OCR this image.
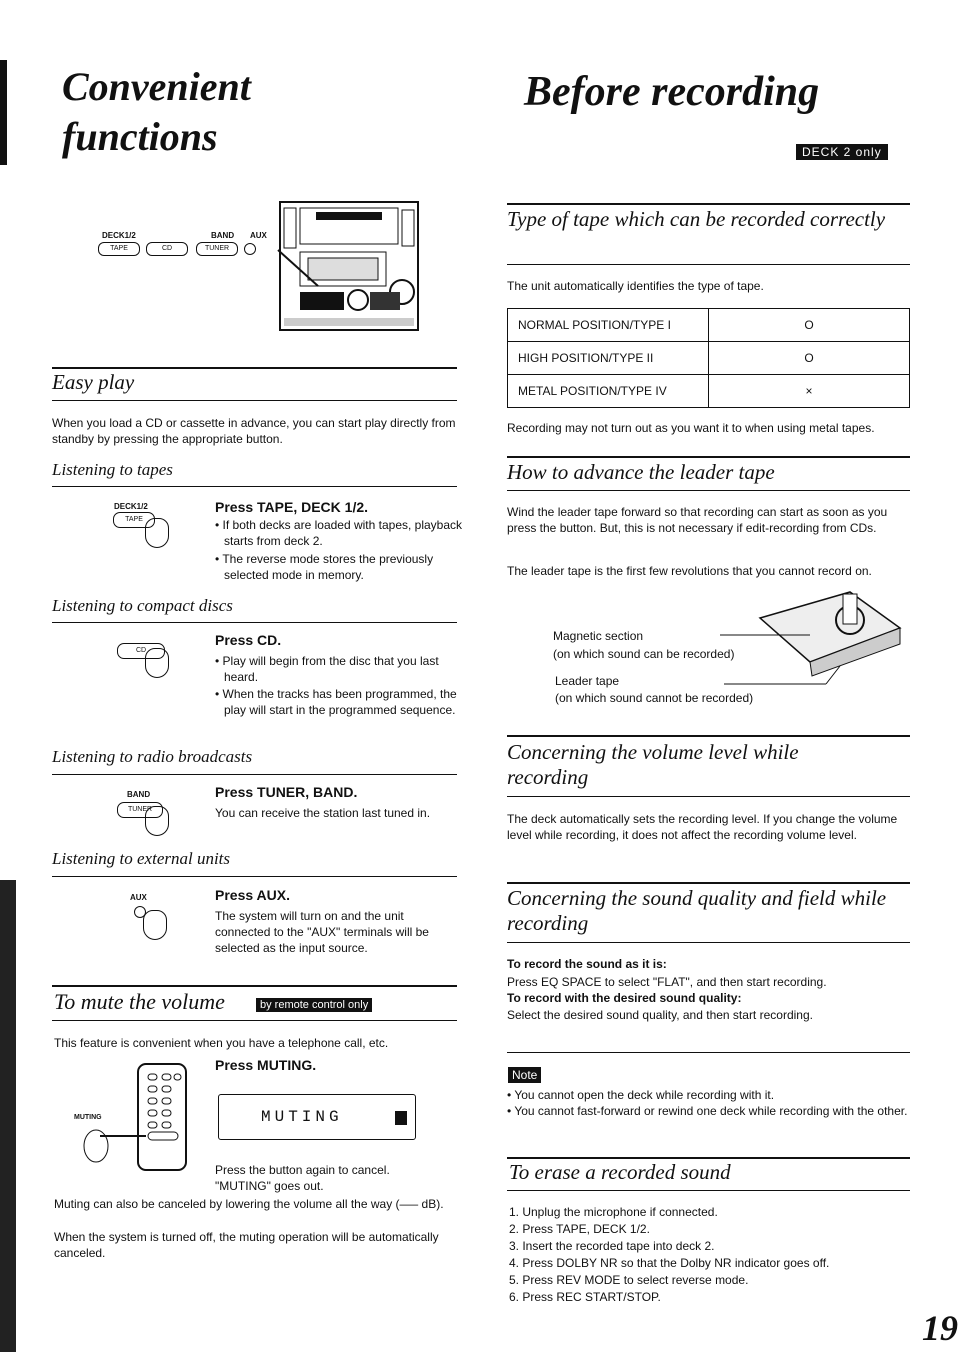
Convenient
functions
Before recording
DECK 2 only
DECK1/2	BAND AUX
TAPE	CD	TUNER
Easy play
When you load a CD or cassette in advance, you can start play directly from standby by pressing the appropriate button.
Listening to tapes
DECK1/2
TAPE
Press TAPE, DECK 1/2.
• If both decks are loaded with tapes, playback starts from deck 2.
• The reverse mode stores the previously selected mode in memory.
Listening to compact discs
CD
Press CD.
• Play will begin from the disc that you last heard.
• When the tracks has been programmed, the play will start in the programmed sequence.
Listening to radio broadcasts
BAND
TUNER
Press TUNER, BAND.
You can receive the station last tuned in.
Listening to external units
AUX	Press AUX.
The system will turn on and the unit connected to the "AUX" terminals will be selected as the input source.
To mute the volume	by remote control only
This feature is convenient when you have a telephone call, etc.
Press MUTING.
MUTING	MUTING
Press the button again to cancel.
"MUTING" goes out.
Muting can also be canceled by lowering the volume all the way (—– dB).
When the system is turned off, the muting operation will be automatically canceled.
Type of tape which can be recorded correctly
The unit automatically identifies the type of tape.
NORMAL POSITION/TYPE I	O
HIGH POSITION/TYPE II	O
METAL POSITION/TYPE IV	×
Recording may not turn out as you want it to when using metal tapes.
How to advance the leader tape
Wind the leader tape forward so that recording can start as soon as you press the button. But, this is not necessary if edit-recording from CDs.
The leader tape is the first few revolutions that you cannot record on.
Magnetic section
(on which sound can be recorded)
Leader tape
(on which sound cannot be recorded)
Concerning the volume level while recording
The deck automatically sets the recording level. If you change the volume level while recording, it does not affect the recording volume level.
Concerning the sound quality and field while recording
To record the sound as it is:
Press EQ SPACE to select "FLAT", and then start recording.
To record with the desired sound quality:
Select the desired sound quality, and then start recording.
Note
• You cannot open the deck while recording with it.
• You cannot fast-forward or rewind one deck while recording with the other.
To erase a recorded sound
1. Unplug the microphone if connected.
2. Press TAPE, DECK 1/2.
3. Insert the recorded tape into deck 2.
4. Press DOLBY NR so that the Dolby NR indicator goes off.
5. Press REV MODE to select reverse mode.
6. Press REC START/STOP.
19
